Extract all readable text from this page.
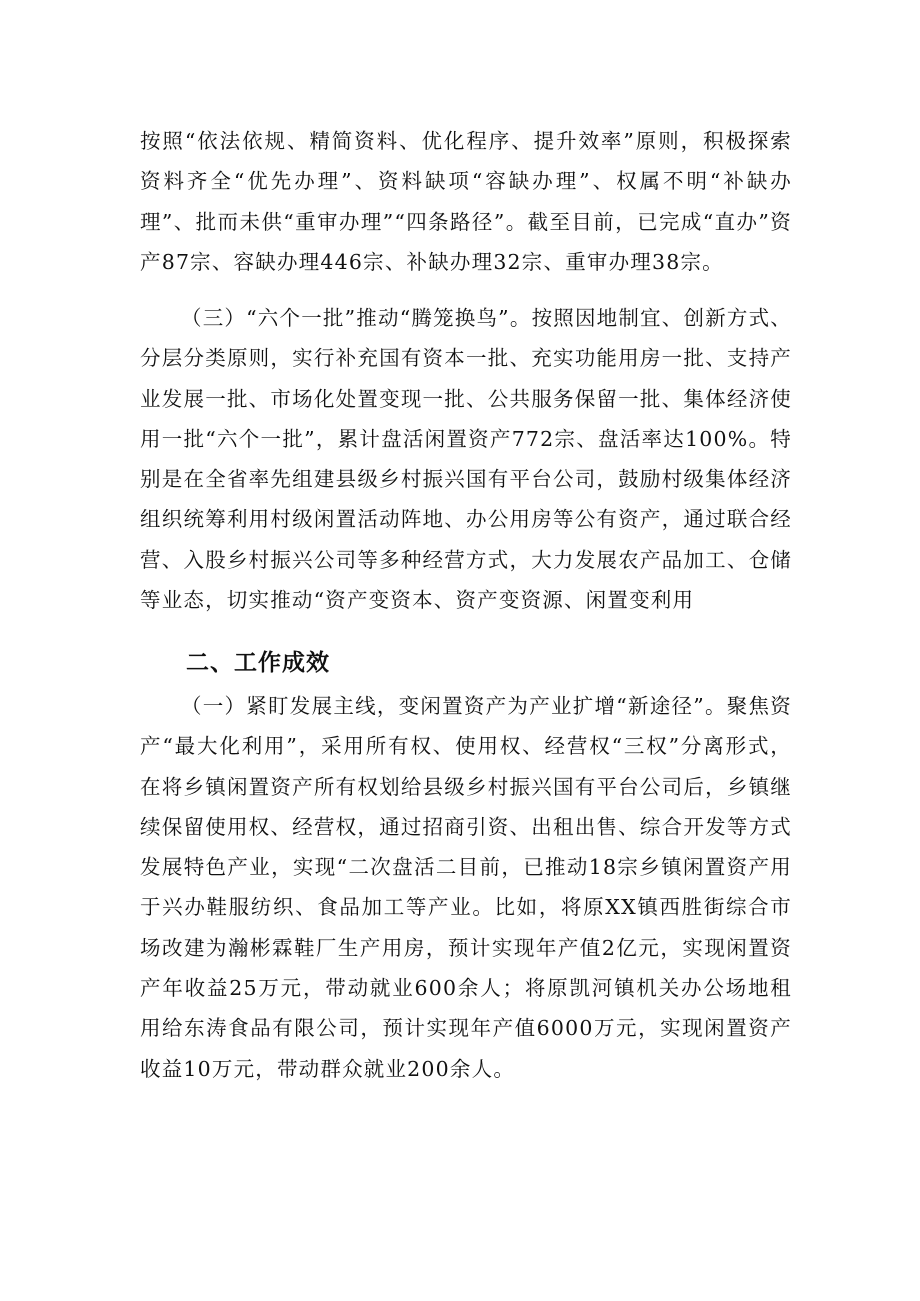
按照“依法依规、精简资料、优化程序、提升效率”原则，积极探索资料齐全“优先办理”、资料缺项“容缺办理”、权属不明“补缺办理”、批而未供“重审办理”“四条路径”。截至目前，已完成“直办”资产87宗、容缺办理446宗、补缺办理32宗、重审办理38宗。

（三）“六个一批”推动“腾笼换鸟”。按照因地制宜、创新方式、分层分类原则，实行补充国有资本一批、充实功能用房一批、支持产业发展一批、市场化处置变现一批、公共服务保留一批、集体经济使用一批“六个一批”，累计盘活闲置资产772宗、盘活率达100%。特别是在全省率先组建县级乡村振兴国有平台公司，鼓励村级集体经济组织统筹利用村级闲置活动阵地、办公用房等公有资产，通过联合经营、入股乡村振兴公司等多种经营方式，大力发展农产品加工、仓储等业态，切实推动“资产变资本、资产变资源、闲置变利用

二、工作成效

（一）紧盯发展主线，变闲置资产为产业扩增“新途径”。聚焦资产“最大化利用”，采用所有权、使用权、经营权“三权”分离形式，在将乡镇闲置资产所有权划给县级乡村振兴国有平台公司后，乡镇继续保留使用权、经营权，通过招商引资、出租出售、综合开发等方式发展特色产业，实现“二次盘活二目前，已推动18宗乡镇闲置资产用于兴办鞋服纺织、食品加工等产业。比如，将原XX镇西胜街综合市场改建为瀚彬霖鞋厂生产用房，预计实现年产值2亿元，实现闲置资产年收益25万元，带动就业600余人；将原凯河镇机关办公场地租用给东涛食品有限公司，预计实现年产值6000万元，实现闲置资产收益10万元，带动群众就业200余人。
